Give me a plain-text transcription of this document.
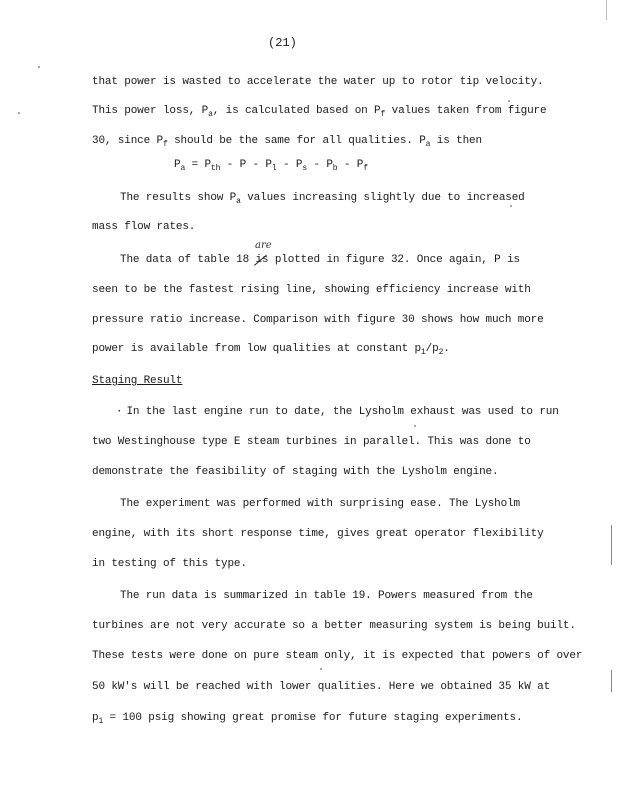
(21)
that power is wasted to accelerate the water up to rotor tip velocity.
This power loss, $P_a$, is calculated based on $P_f$ values taken from figure
30, since $P_f$ should be the same for all qualities. $P_a$ is then
$P_a = P_{th} - P - P_l - P_s - P_b - P_f$
The results show $P_a$ values increasing slightly due to increased
mass flow rates.
The data of table 18 is
plotted in figure 32. Once again, P is
are
seen to be the fastest rising line, showing efficiency increase with
pressure ratio increase. Comparison with figure 30 shows how much more
power is available from low qualities at constant $p_1/p_2$.
Staging Result
· In the last engine run to date, the Lysholm exhaust was used to run
two Westinghouse type E steam turbines in parallel. This was done to
demonstrate the feasibility of staging with the Lysholm engine.
The experiment was performed with surprising ease. The Lysholm
engine, with its short response time, gives great operator flexibility
in testing of this type.
The run data is summarized in table 19. Powers measured from the
turbines are not very accurate so a better measuring system is being built.
These tests were done on pure steam only, it is expected that powers of over
50 kW's will be reached with lower qualities. Here we obtained 35 kW at
$p_1 = 100$ psig showing great promise for future staging experiments.
